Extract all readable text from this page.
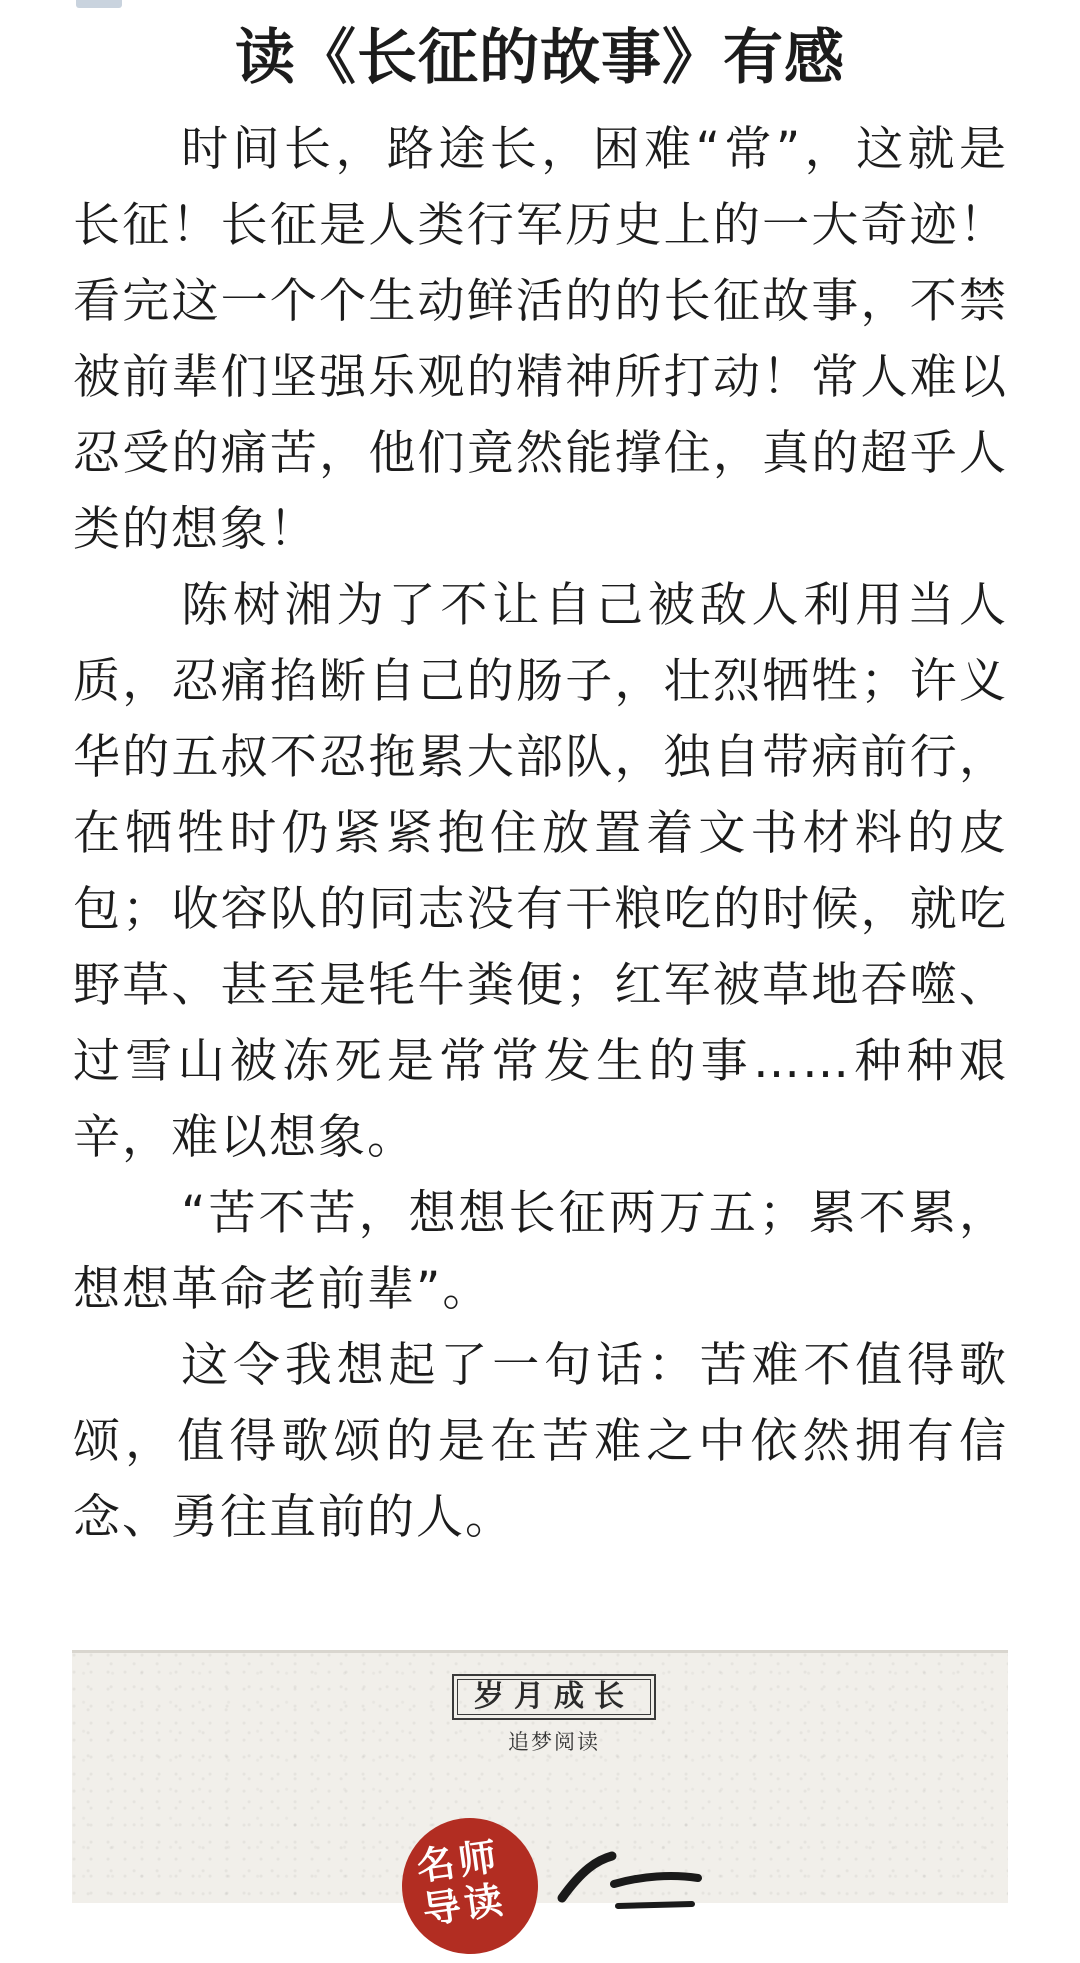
读《长征的故事》有感

时间长，路途长，困难“常”，这就是长征！长征是人类行军历史上的一大奇迹！看完这一个个生动鲜活的的长征故事，不禁被前辈们坚强乐观的精神所打动！常人难以忍受的痛苦，他们竟然能撑住，真的超乎人类的想象！

陈树湘为了不让自己被敌人利用当人质，忍痛掐断自己的肠子，壮烈牺牲；许义华的五叔不忍拖累大部队，独自带病前行，在牺牲时仍紧紧抱住放置着文书材料的皮包；收容队的同志没有干粮吃的时候，就吃野草、甚至是牦牛粪便；红军被草地吞噬、过雪山被冻死是常常发生的事……种种艰辛，难以想象。

“苦不苦，想想长征两万五；累不累，想想革命老前辈”。

这令我想起了一句话：苦难不值得歌颂，值得歌颂的是在苦难之中依然拥有信念、勇往直前的人。

岁月成长
追梦阅读
名师
导读
